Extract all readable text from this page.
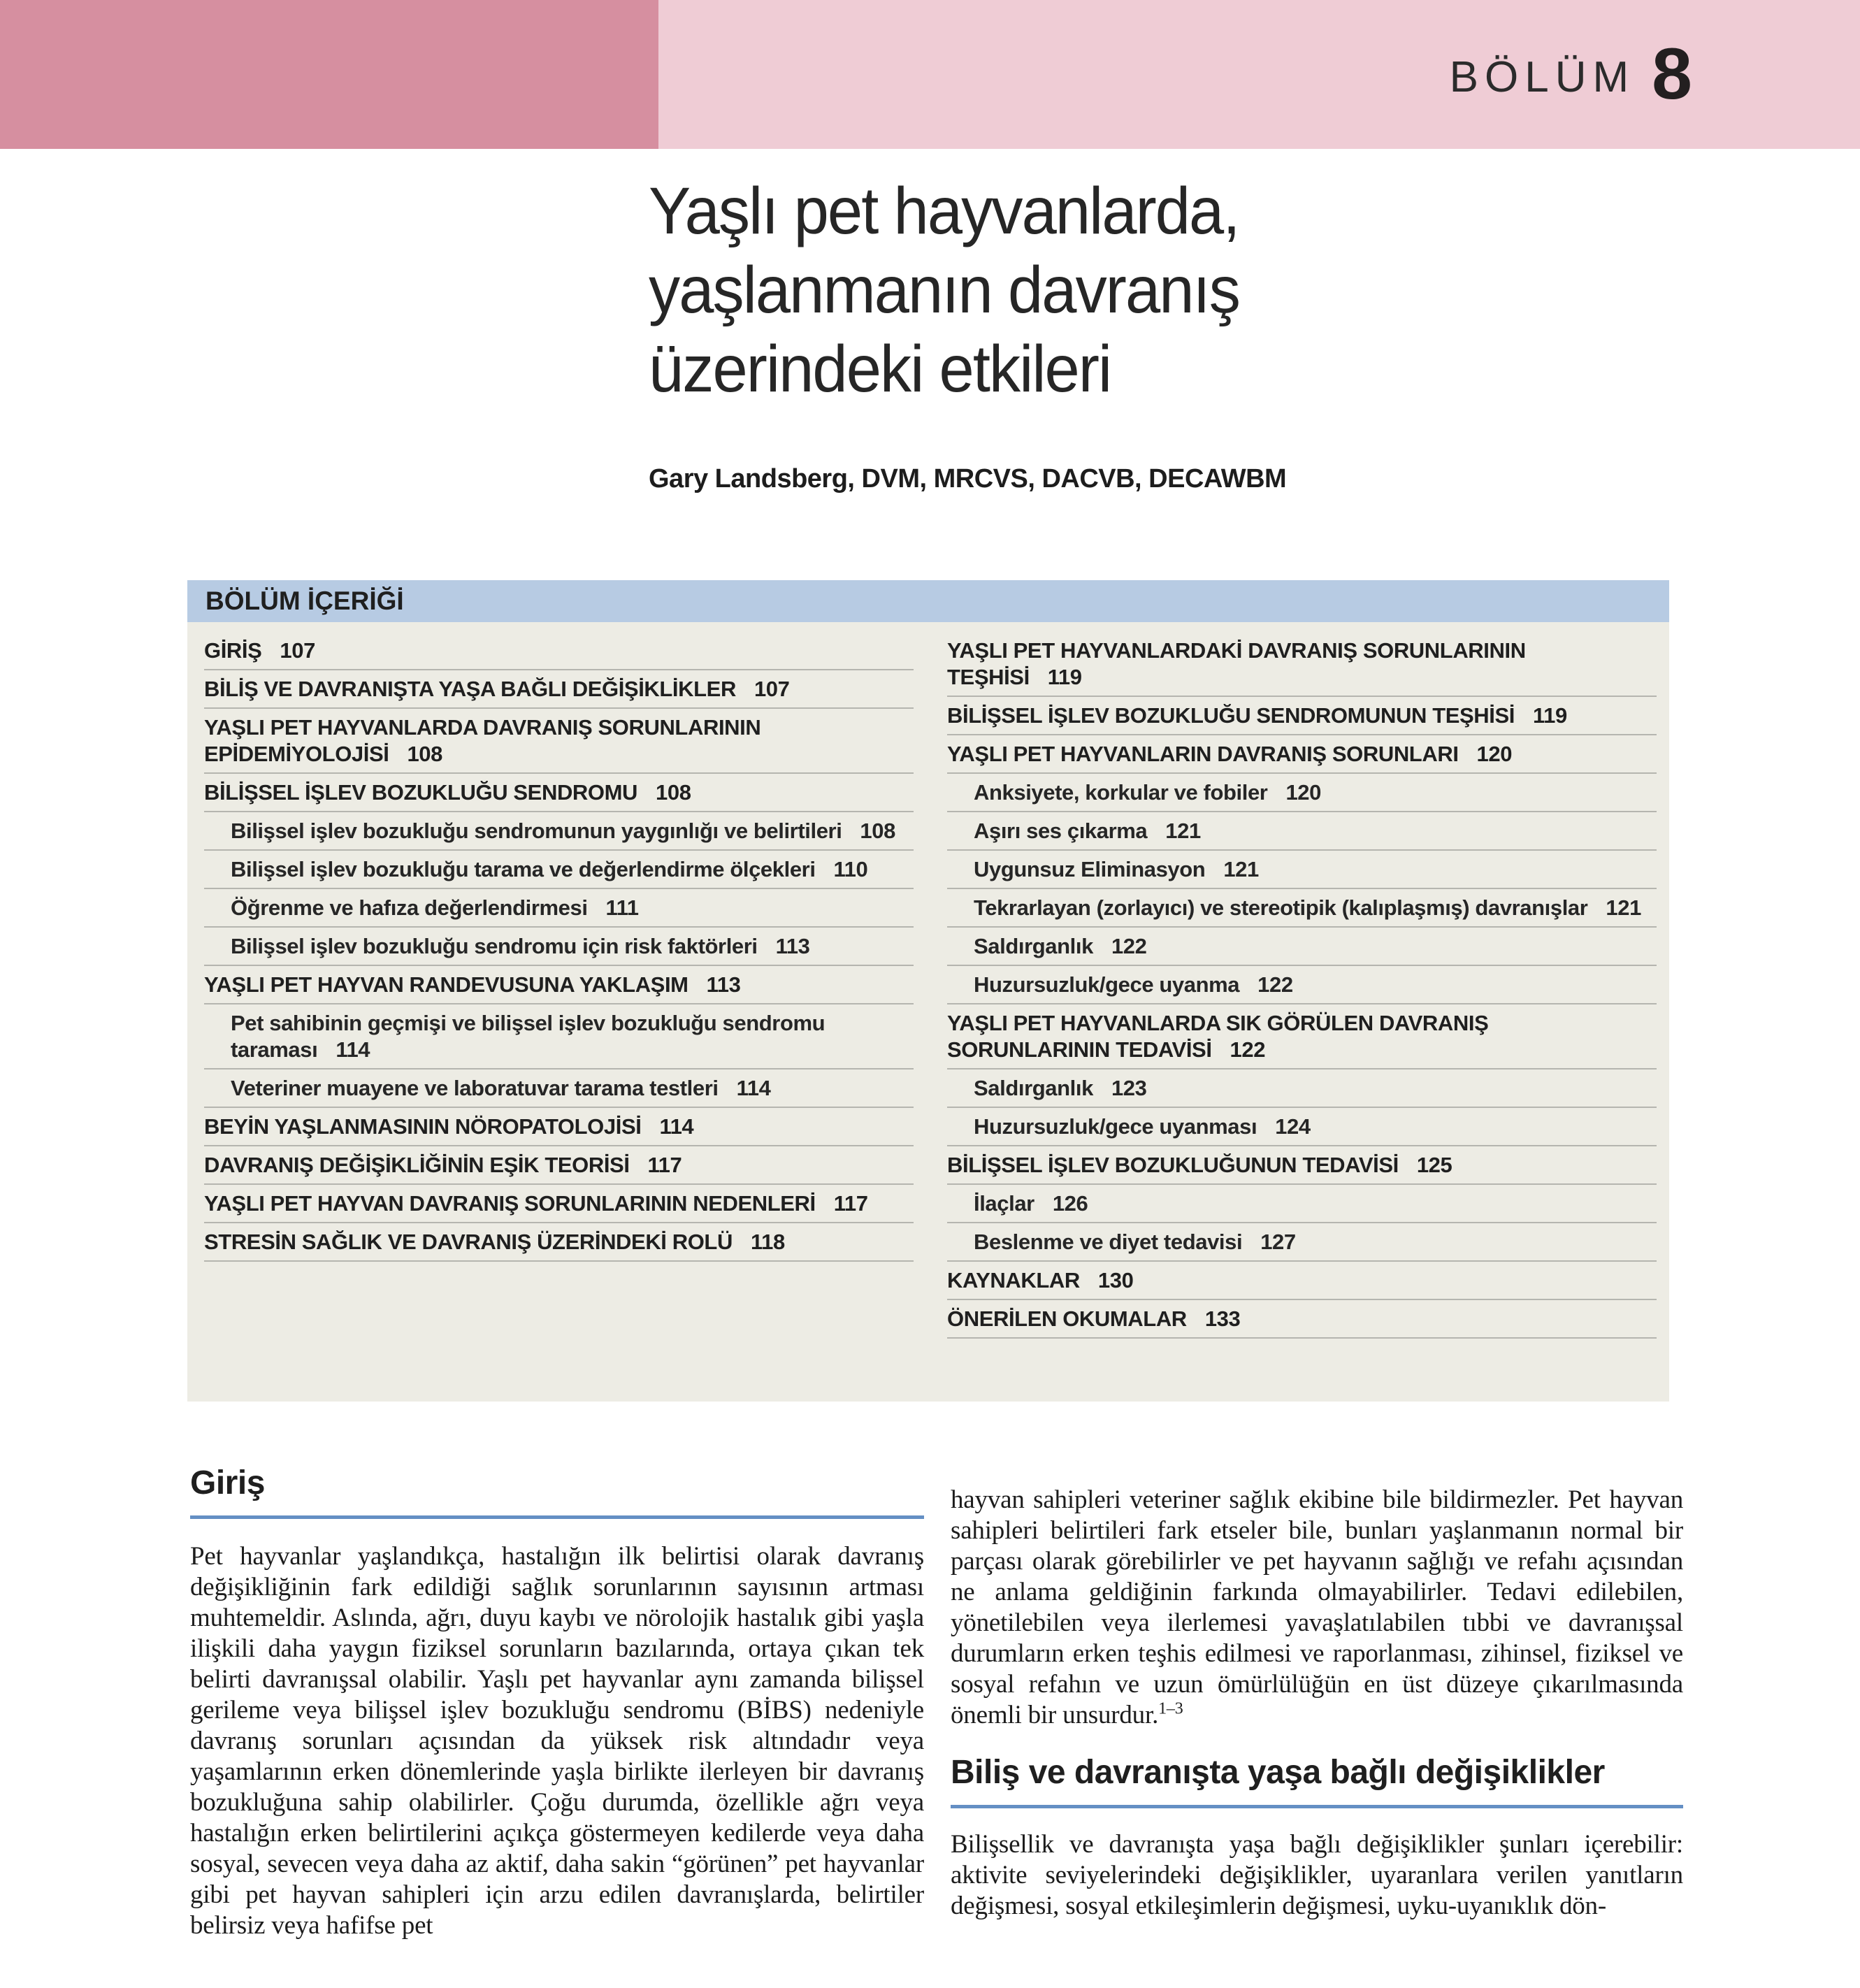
BÖLÜM 8
Yaşlı pet hayvanlarda,
yaşlanmanın davranış
üzerindeki etkileri
Gary Landsberg, DVM, MRCVS, DACVB, DECAWBM
BÖLÜM İÇERİĞİ
GİRİŞ 107
BİLİŞ VE DAVRANIŞTA YAŞA BAĞLI DEĞİŞİKLİKLER 107
YAŞLI PET HAYVANLARDA DAVRANIŞ SORUNLARININ EPİDEMİYOLOJİSİ 108
BİLİŞSEL İŞLEV BOZUKLUĞU SENDROMU 108
Bilişsel işlev bozukluğu sendromunun yaygınlığı ve belirtileri 108
Bilişsel işlev bozukluğu tarama ve değerlendirme ölçekleri 110
Öğrenme ve hafıza değerlendirmesi 111
Bilişsel işlev bozukluğu sendromu için risk faktörleri 113
YAŞLI PET HAYVAN RANDEVUSUNA YAKLAŞIM 113
Pet sahibinin geçmişi ve bilişsel işlev bozukluğu sendromu taraması 114
Veteriner muayene ve laboratuvar tarama testleri 114
BEYİN YAŞLANMASININ NÖROPATOLOJİSİ 114
DAVRANIŞ DEĞİŞİKLİĞİNİN EŞİK TEORİSİ 117
YAŞLI PET HAYVAN DAVRANIŞ SORUNLARININ NEDENLERİ 117
STRESİN SAĞLIK VE DAVRANIŞ ÜZERİNDEKİ ROLÜ 118
YAŞLI PET HAYVANLARDAKİ DAVRANIŞ SORUNLARININ TEŞHİSİ 119
BİLİŞSEL İŞLEV BOZUKLUĞU SENDROMUNUN TEŞHİSİ 119
YAŞLI PET HAYVANLARIN DAVRANIŞ SORUNLARI 120
Anksiyete, korkular ve fobiler 120
Aşırı ses çıkarma 121
Uygunsuz Eliminasyon 121
Tekrarlayan (zorlayıcı) ve stereotipik (kalıplaşmış) davranışlar 121
Saldırganlık 122
Huzursuzluk/gece uyanma 122
YAŞLI PET HAYVANLARDA SIK GÖRÜLEN DAVRANIŞ SORUNLARININ TEDAVİSİ 122
Saldırganlık 123
Huzursuzluk/gece uyanması 124
BİLİŞSEL İŞLEV BOZUKLUĞUNUN TEDAVİSİ 125
İlaçlar 126
Beslenme ve diyet tedavisi 127
KAYNAKLAR 130
ÖNERİLEN OKUMALAR 133
Giriş

Pet hayvanlar yaşlandıkça, hastalığın ilk belirtisi olarak davranış değişikliğinin fark edildiği sağlık sorunlarının sayısının artması muhtemeldir. Aslında, ağrı, duyu kaybı ve nörolojik hastalık gibi yaşla ilişkili daha yaygın fiziksel sorunların bazılarında, ortaya çıkan tek belirti davranışsal olabilir. Yaşlı pet hayvanlar aynı zamanda bilişsel gerileme veya bilişsel işlev bozukluğu sendromu (BİBS) nedeniyle davranış sorunları açısından da yüksek risk altındadır veya yaşamlarının erken dönemlerinde yaşla birlikte ilerleyen bir davranış bozukluğuna sahip olabilirler. Çoğu durumda, özellikle ağrı veya hastalığın erken belirtilerini açıkça göstermeyen kedilerde veya daha sosyal, sevecen veya daha az aktif, daha sakin “görünen” pet hayvanlar gibi pet hayvan sahipleri için arzu edilen davranışlarda, belirtiler belirsiz veya hafifse pet

hayvan sahipleri veteriner sağlık ekibine bile bildirmezler. Pet hayvan sahipleri belirtileri fark etseler bile, bunları yaşlanmanın normal bir parçası olarak görebilirler ve pet hayvanın sağlığı ve refahı açısından ne anlama geldiğinin farkında olmayabilirler. Tedavi edilebilen, yönetilebilen veya ilerlemesi yavaşlatılabilen tıbbi ve davranışsal durumların erken teşhis edilmesi ve raporlanması, zihinsel, fiziksel ve sosyal refahın ve uzun ömürlülüğün en üst düzeye çıkarılmasında önemli bir unsurdur.$^{1-3}$

Biliş ve davranışta yaşa bağlı değişiklikler

Bilişsellik ve davranışta yaşa bağlı değişiklikler şunları içerebilir: aktivite seviyelerindeki değişiklikler, uyaranlara verilen yanıtların değişmesi, sosyal etkileşimlerin değişmesi, uyku-uyanıklık dön-
